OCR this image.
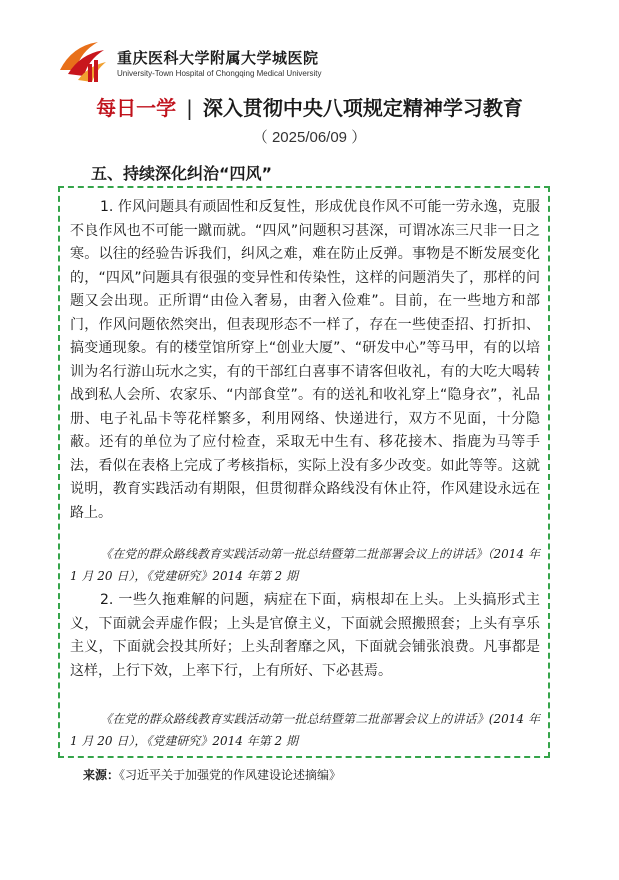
重庆医科大学附属大学城医院
University-Town Hospital of Chongqing Medical University
每日一学 | 深入贯彻中央八项规定精神学习教育
（ 2025/06/09 ）
五、持续深化纠治“四风”

1. 作风问题具有顽固性和反复性，形成优良作风不可能一劳永逸，克服不良作风也不可能一蹴而就。“四风”问题积习甚深，可谓冰冻三尺非一日之寒。以往的经验告诉我们，纠风之难，难在防止反弹。事物是不断发展变化的，“四风”问题具有很强的变异性和传染性，这样的问题消失了，那样的问题又会出现。正所谓“由俭入奢易，由奢入俭难”。目前，在一些地方和部门，作风问题依然突出，但表现形态不一样了，存在一些使歪招、打折扣、搞变通现象。有的楼堂馆所穿上“创业大厦”、“研发中心”等马甲，有的以培训为名行游山玩水之实，有的干部红白喜事不请客但收礼，有的大吃大喝转战到私人会所、农家乐、“内部食堂”。有的送礼和收礼穿上“隐身衣”，礼品册、电子礼品卡等花样繁多，利用网络、快递进行，双方不见面，十分隐蔽。还有的单位为了应付检查，采取无中生有、移花接木、指鹿为马等手法，看似在表格上完成了考核指标，实际上没有多少改变。如此等等。这就说明，教育实践活动有期限，但贯彻群众路线没有休止符，作风建设永远在路上。

《在党的群众路线教育实践活动第一批总结暨第二批部署会议上的讲话》（2014 年 1 月 20 日），《党建研究》2014 年第 2 期

2. 一些久拖难解的问题，病症在下面，病根却在上头。上头搞形式主义，下面就会弄虚作假；上头是官僚主义，下面就会照搬照套；上头有享乐主义，下面就会投其所好；上头刮奢靡之风，下面就会铺张浪费。凡事都是这样，上行下效，上率下行，上有所好、下必甚焉。

《在党的群众路线教育实践活动第一批总结暨第二批部署会议上的讲话》(2014 年 1 月 20 日），《党建研究》2014 年第 2 期

来源：《习近平关于加强党的作风建设论述摘编》
